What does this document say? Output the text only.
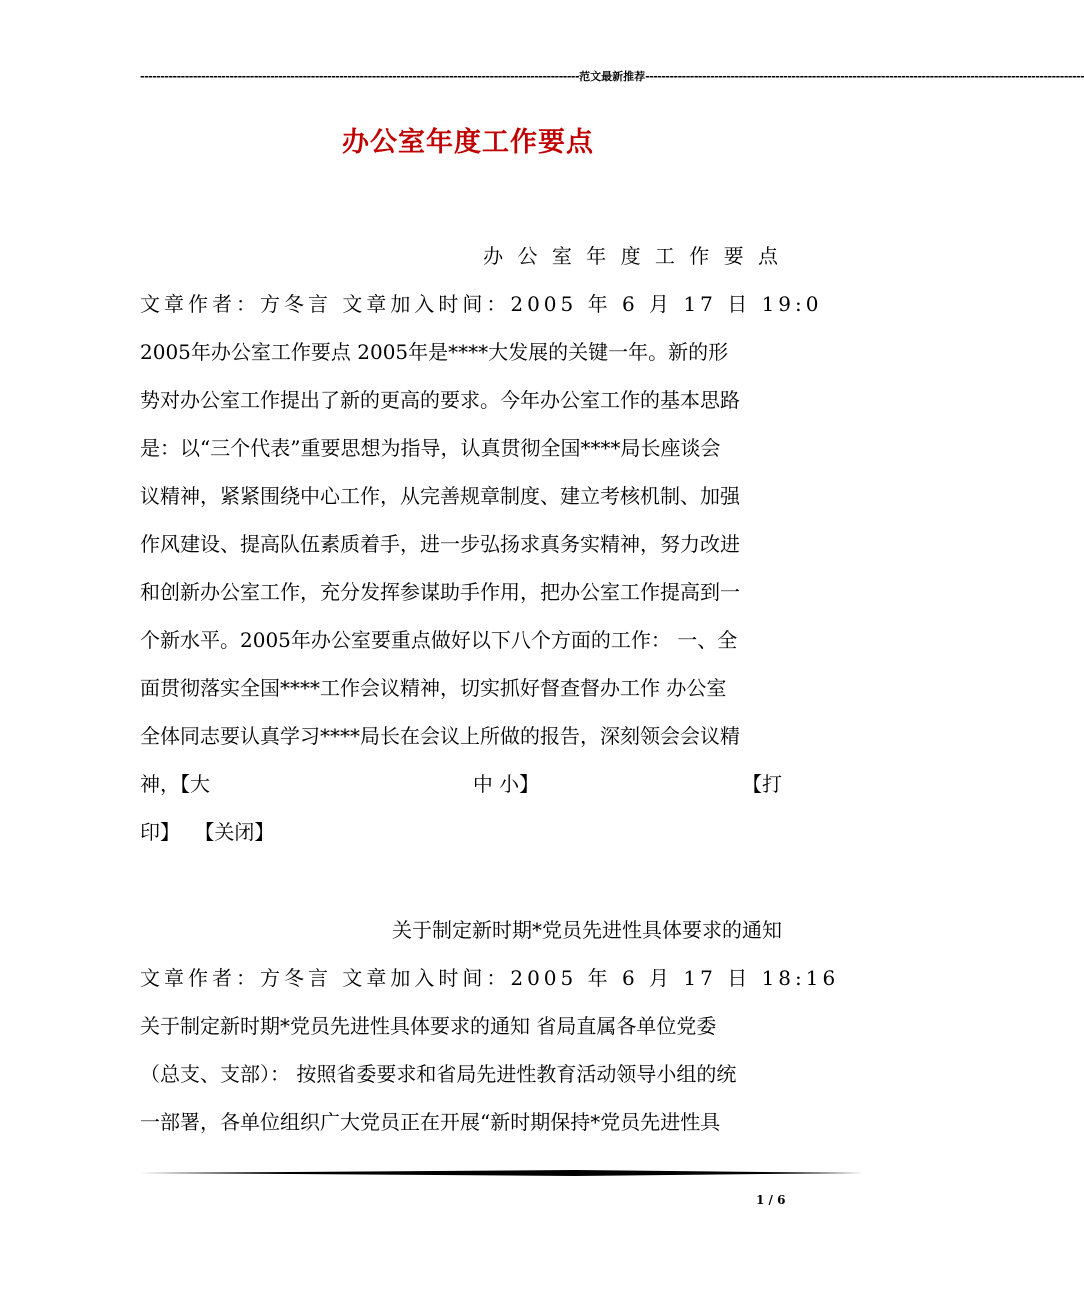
------------------------------------------------------------------------------------------------------------ 范文最新推荐 ------------------------------------------------------------------------------------------------------------
办公室年度工作要点
办 公 室 年 度 工 作 要 点
文章作者：方冬言 文章加入时间：2005 年 6 月 17 日 19:0
2005年办公室工作要点 2005年是****大发展的关键一年。新的形
势对办公室工作提出了新的更高的要求。今年办公室工作的基本思路
是：以“三个代表”重要思想为指导，认真贯彻全国****局长座谈会
议精神，紧紧围绕中心工作，从完善规章制度、建立考核机制、加强
作风建设、提高队伍素质着手，进一步弘扬求真务实精神，努力改进
和创新办公室工作，充分发挥参谋助手作用，把办公室工作提高到一
个新水平。2005年办公室要重点做好以下八个方面的工作： 一、全
面贯彻落实全国****工作会议精神，切实抓好督查督办工作 办公室
全体同志要认真学习****局长在会议上所做的报告，深刻领会会议精
神，【大	中 小】	【打
印】 【关闭】
关于制定新时期*党员先进性具体要求的通知
文章作者：方冬言 文章加入时间：2005 年 6 月 17 日 18:16
关于制定新时期*党员先进性具体要求的通知 省局直属各单位党委
（总支、支部）： 按照省委要求和省局先进性教育活动领导小组的统
一部署，各单位组织广大党员正在开展“新时期保持*党员先进性具
1 / 6
